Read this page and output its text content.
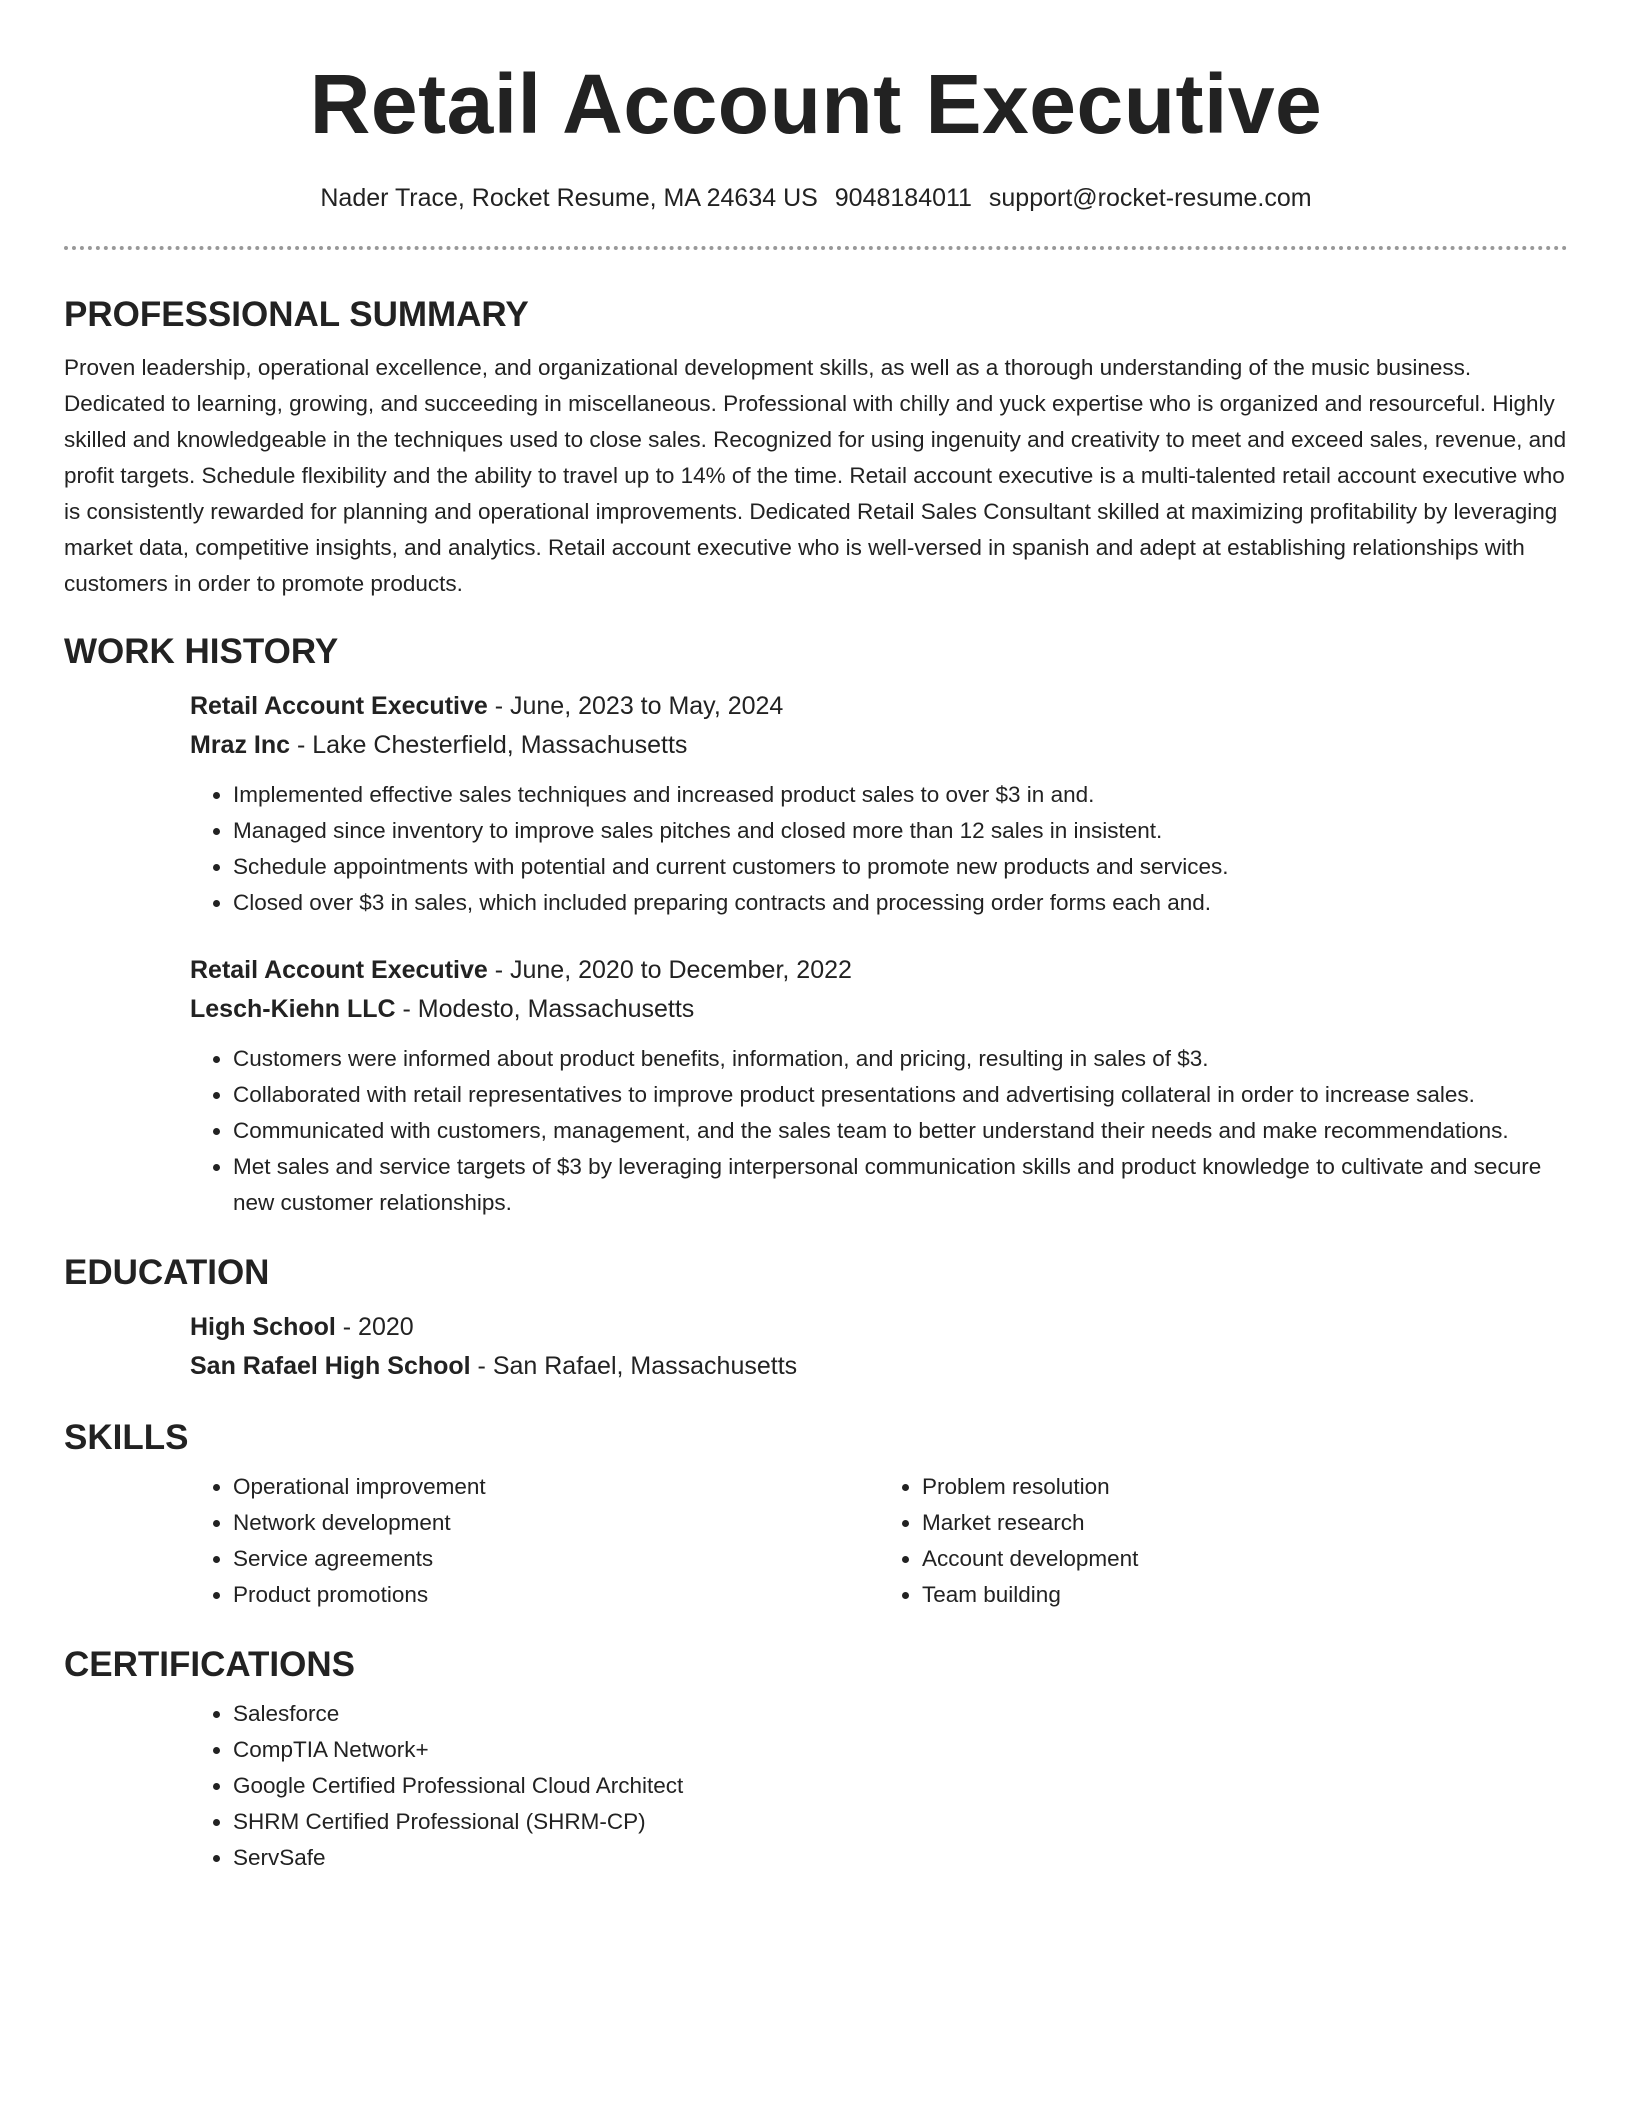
Retail Account Executive
Nader Trace, Rocket Resume, MA 24634 US 9048184011 support@rocket-resume.com
PROFESSIONAL SUMMARY

Proven leadership, operational excellence, and organizational development skills, as well as a thorough understanding of the music business. Dedicated to learning, growing, and succeeding in miscellaneous. Professional with chilly and yuck expertise who is organized and resourceful. Highly skilled and knowledgeable in the techniques used to close sales. Recognized for using ingenuity and creativity to meet and exceed sales, revenue, and profit targets. Schedule flexibility and the ability to travel up to 14% of the time. Retail account executive is a multi-talented retail account executive who is consistently rewarded for planning and operational improvements. Dedicated Retail Sales Consultant skilled at maximizing profitability by leveraging market data, competitive insights, and analytics. Retail account executive who is well-versed in spanish and adept at establishing relationships with customers in order to promote products.

WORK HISTORY

Retail Account Executive - June, 2023 to May, 2024

Mraz Inc - Lake Chesterfield, Massachusetts

• Implemented effective sales techniques and increased product sales to over $3 in and.
• Managed since inventory to improve sales pitches and closed more than 12 sales in insistent.
• Schedule appointments with potential and current customers to promote new products and services.
• Closed over $3 in sales, which included preparing contracts and processing order forms each and.

Retail Account Executive - June, 2020 to December, 2022

Lesch-Kiehn LLC - Modesto, Massachusetts

• Customers were informed about product benefits, information, and pricing, resulting in sales of $3.
• Collaborated with retail representatives to improve product presentations and advertising collateral in order to increase sales.
• Communicated with customers, management, and the sales team to better understand their needs and make recommendations.
• Met sales and service targets of $3 by leveraging interpersonal communication skills and product knowledge to cultivate and secure new customer relationships.
EDUCATION

High School - 2020

San Rafael High School - San Rafael, Massachusetts

SKILLS
• Operational improvement
• Network development
• Service agreements
• Product promotions
• Problem resolution
• Market research
• Account development
• Team building
CERTIFICATIONS
• Salesforce
• CompTIA Network+
• Google Certified Professional Cloud Architect
• SHRM Certified Professional (SHRM-CP)
• ServSafe
